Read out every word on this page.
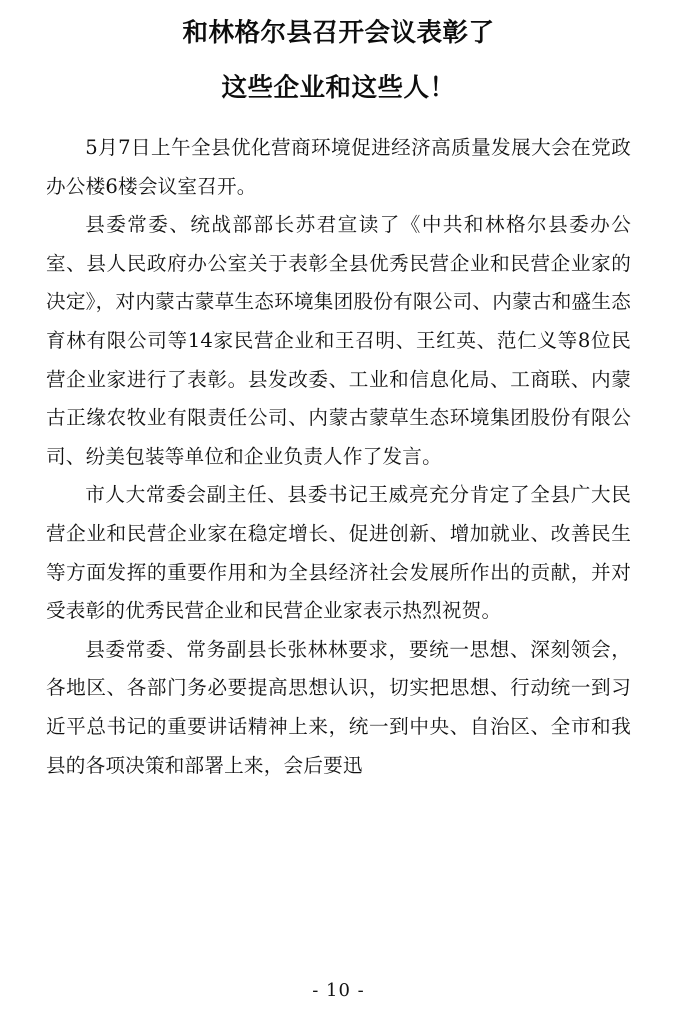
和林格尔县召开会议表彰了
这些企业和这些人！

5月7日上午全县优化营商环境促进经济高质量发展大会在党政办公楼6楼会议室召开。

县委常委、统战部部长苏君宣读了《中共和林格尔县委办公室、县人民政府办公室关于表彰全县优秀民营企业和民营企业家的决定》，对内蒙古蒙草生态环境集团股份有限公司、内蒙古和盛生态育林有限公司等14家民营企业和王召明、王红英、范仁义等8位民营企业家进行了表彰。县发改委、工业和信息化局、工商联、内蒙古正缘农牧业有限责任公司、内蒙古蒙草生态环境集团股份有限公司、纷美包装等单位和企业负责人作了发言。

市人大常委会副主任、县委书记王威亮充分肯定了全县广大民营企业和民营企业家在稳定增长、促进创新、增加就业、改善民生等方面发挥的重要作用和为全县经济社会发展所作出的贡献，并对受表彰的优秀民营企业和民营企业家表示热烈祝贺。

县委常委、常务副县长张林林要求，要统一思想、深刻领会，各地区、各部门务必要提高思想认识，切实把思想、行动统一到习近平总书记的重要讲话精神上来，统一到中央、自治区、全市和我县的各项决策和部署上来，会后要迅

- 10 -
